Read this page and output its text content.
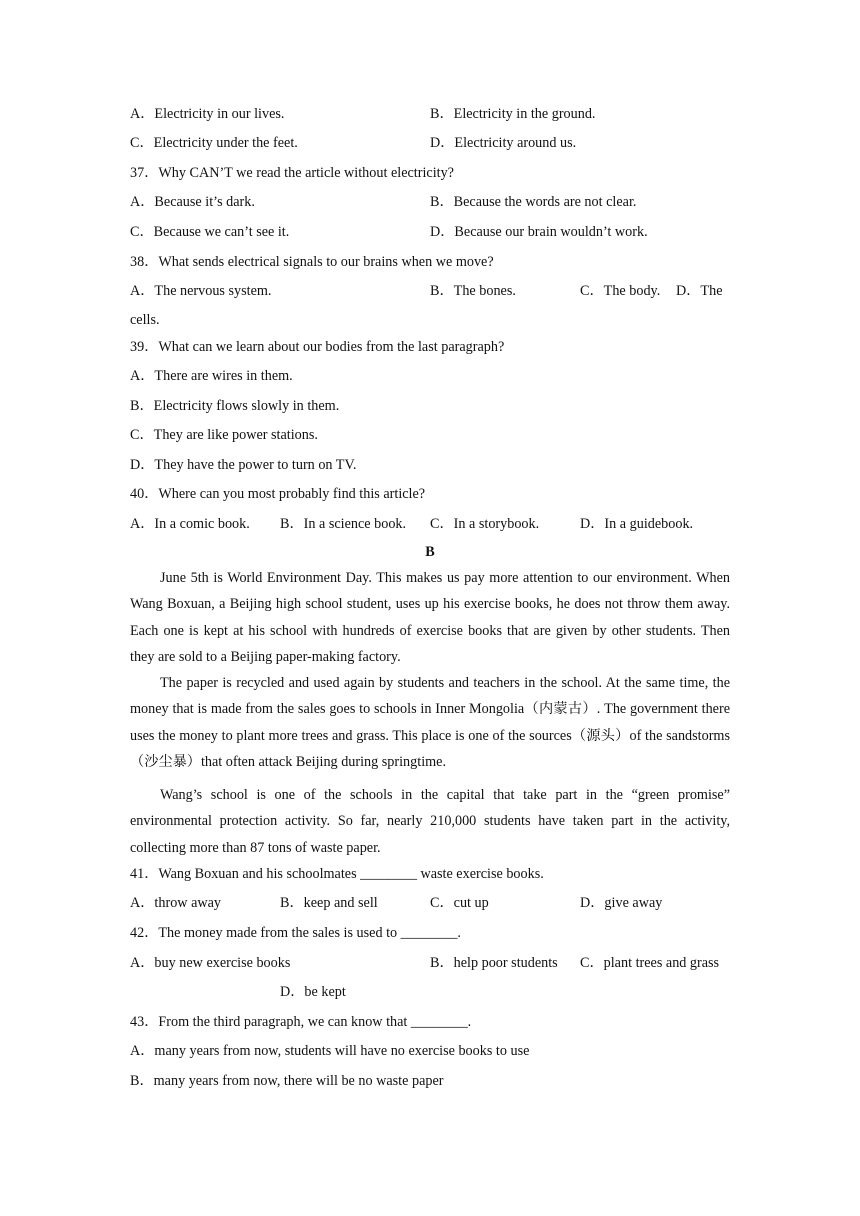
A．Electricity in our lives.	B．Electricity in the ground.
C．Electricity under the feet.	D．Electricity around us.
37．Why CAN’T we read the article without electricity?
A．Because it’s dark.	B．Because the words are not clear.
C．Because we can’t see it.	D．Because our brain wouldn’t work.
38．What sends electrical signals to our brains when we move?
A．The nervous system.	B．The bones.	C．The body. D．The
cells.
39．What can we learn about our bodies from the last paragraph?
A．There are wires in them.
B．Electricity flows slowly in them.
C．They are like power stations.
D．They have the power to turn on TV.
40．Where can you most probably find this article?
A．In a comic book. B．In a science book. C．In a storybook.	D．In a guidebook.
B
June 5th is World Environment Day. This makes us pay more attention to our environment. When Wang Boxuan, a Beijing high school student, uses up his exercise books, he does not throw them away. Each one is kept at his school with hundreds of exercise books that are given by other students. Then they are sold to a Beijing paper-making factory.
The paper is recycled and used again by students and teachers in the school. At the same time, the money that is made from the sales goes to schools in Inner Mongolia（内蒙古）. The government there uses the money to plant more trees and grass. This place is one of the sources（源头）of the sandstorms（沙尘暴）that often attack Beijing during springtime.
Wang’s school is one of the schools in the capital that take part in the “green promise” environmental protection activity. So far, nearly 210,000 students have taken part in the activity, collecting more than 87 tons of waste paper.
41．Wang Boxuan and his schoolmates ________ waste exercise books.
A．throw away	B．keep and sell	C．cut up	D．give away
42．The money made from the sales is used to ________.
A．buy new exercise books	B．help poor students C．plant trees and grass
D．be kept
43．From the third paragraph, we can know that ________.
A．many years from now, students will have no exercise books to use
B．many years from now, there will be no waste paper
